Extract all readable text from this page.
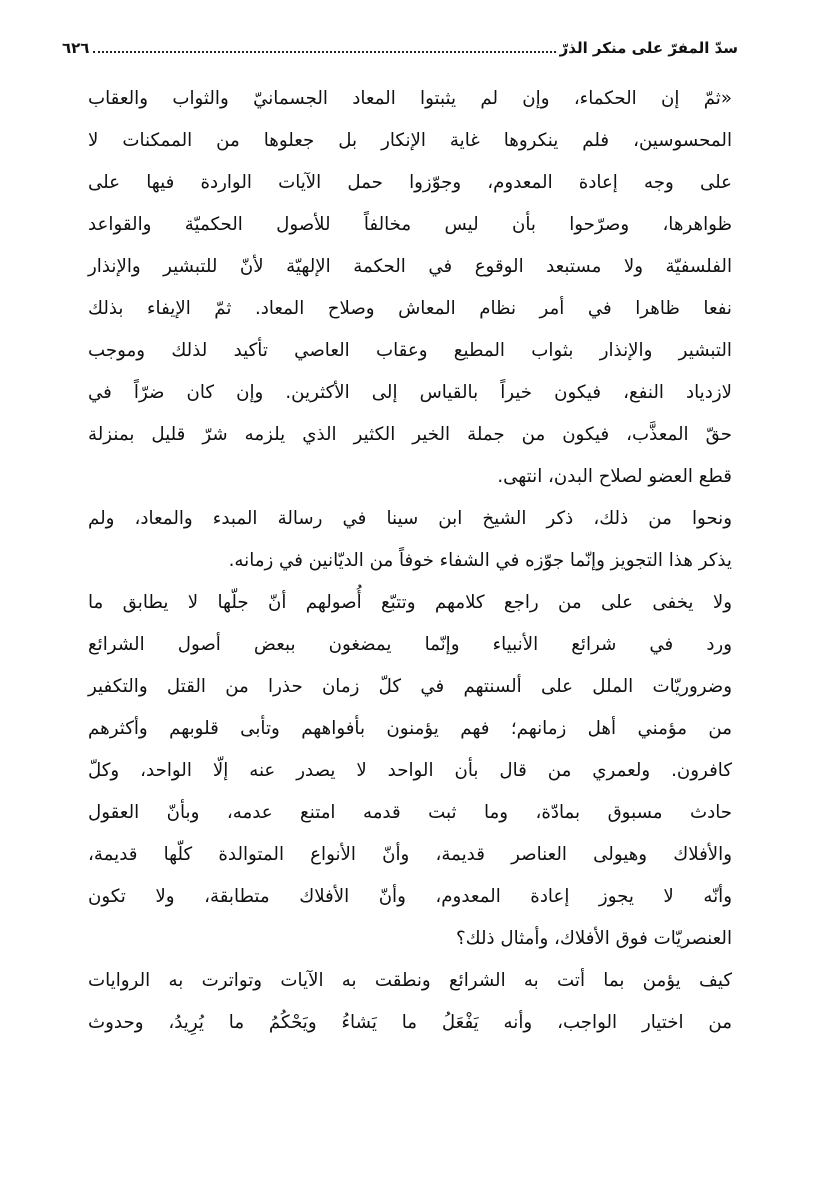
سدّ المفرّ على منكر الذرّ
٦٢٦
«ثمّ إن الحكماء، وإن لم يثبتوا المعاد الجسمانيّ والثواب والعقاب
المحسوسين، فلم ينكروها غاية الإنكار بل جعلوها من الممكنات لا
على وجه إعادة المعدوم، وجوّزوا حمل الآيات الواردة فيها على
ظواهرها، وصرّحوا بأن ليس مخالفاً للأصول الحكميّة والقواعد
الفلسفيّة ولا مستبعد الوقوع في الحكمة الإلهيّة لأنّ للتبشير والإنذار
نفعا ظاهرا في أمر نظام المعاش وصلاح المعاد. ثمّ الإيفاء بذلك
التبشير والإنذار بثواب المطيع وعقاب العاصي تأكيد لذلك وموجب
لازدياد النفع، فيكون خيراً بالقياس إلى الأكثرين. وإن كان ضرّاً في
حقّ المعذَّب، فيكون من جملة الخير الكثير الذي يلزمه شرّ قليل بمنزلة
قطع العضو لصلاح البدن، انتهى.
ونحوا من ذلك، ذكر الشيخ ابن سينا في رسالة المبدء والمعاد، ولم
يذكر هذا التجويز وإنّما جوّزه في الشفاء خوفاً من الديّانين في زمانه.
ولا يخفى على من راجع كلامهم وتتبّع أُصولهم أنّ جلّها لا يطابق ما
ورد في شرائع الأنبياء وإنّما يمضغون ببعض أصول الشرائع
وضروريّات الملل على ألسنتهم في كلّ زمان حذرا من القتل والتكفير
من مؤمني أهل زمانهم؛ فهم يؤمنون بأفواههم وتأبى قلوبهم وأكثرهم
كافرون. ولعمري من قال بأن الواحد لا يصدر عنه إلّا الواحد، وكلّ
حادث مسبوق بمادّة، وما ثبت قدمه امتنع عدمه، وبأنّ العقول
والأفلاك وهيولى العناصر قديمة، وأنّ الأنواع المتوالدة كلّها قديمة،
وأنّه لا يجوز إعادة المعدوم، وأنّ الأفلاك متطابقة، ولا تكون
العنصريّات فوق الأفلاك، وأمثال ذلك؟
كيف يؤمن بما أتت به الشرائع ونطقت به الآيات وتواترت به الروايات
من اختيار الواجب، وأنه يَفْعَلُ ما يَشاءُ ويَحْكُمُ ما يُرِيدُ، وحدوث
